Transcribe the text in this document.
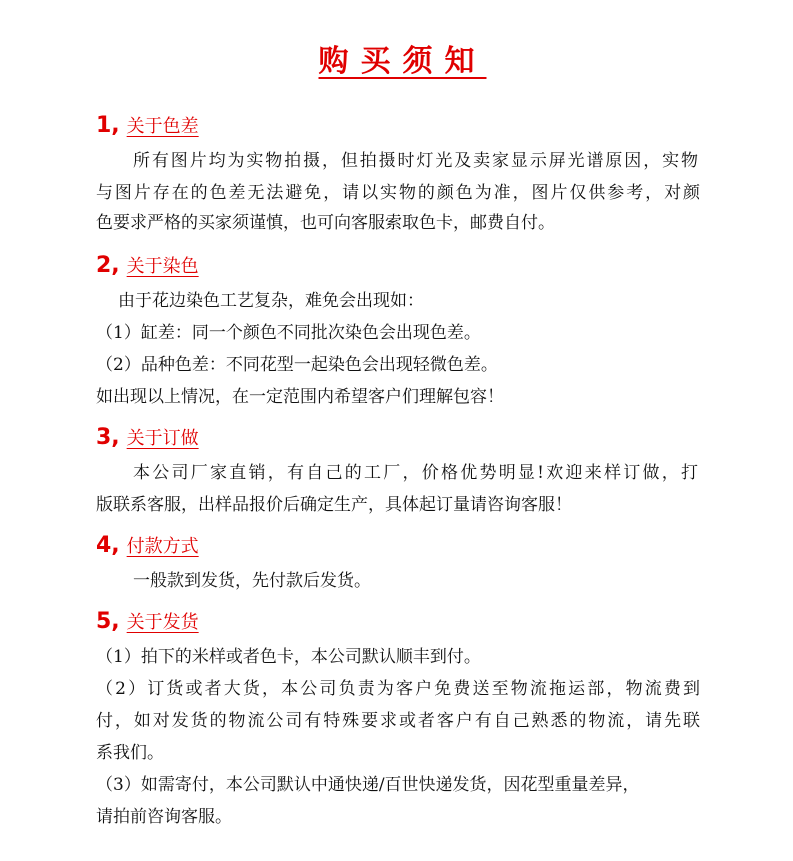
购买须知
1, 关于色差
所有图片均为实物拍摄，但拍摄时灯光及卖家显示屏光谱原因，实物
与图片存在的色差无法避免，请以实物的颜色为准，图片仅供参考，对颜
色要求严格的买家须谨慎，也可向客服索取色卡，邮费自付。
2, 关于染色
由于花边染色工艺复杂，难免会出现如：
（1）缸差：同一个颜色不同批次染色会出现色差。
（2）品种色差：不同花型一起染色会出现轻微色差。
如出现以上情况，在一定范围内希望客户们理解包容！
3, 关于订做
本公司厂家直销，有自己的工厂，价格优势明显!欢迎来样订做，打
版联系客服，出样品报价后确定生产，具体起订量请咨询客服！
4, 付款方式
一般款到发货，先付款后发货。
5, 关于发货
（1）拍下的米样或者色卡，本公司默认顺丰到付。
（2）订货或者大货，本公司负责为客户免费送至物流拖运部，物流费到
付，如对发货的物流公司有特殊要求或者客户有自己熟悉的物流，请先联
系我们。
（3）如需寄付，本公司默认中通快递/百世快递发货，因花型重量差异，
请拍前咨询客服。
